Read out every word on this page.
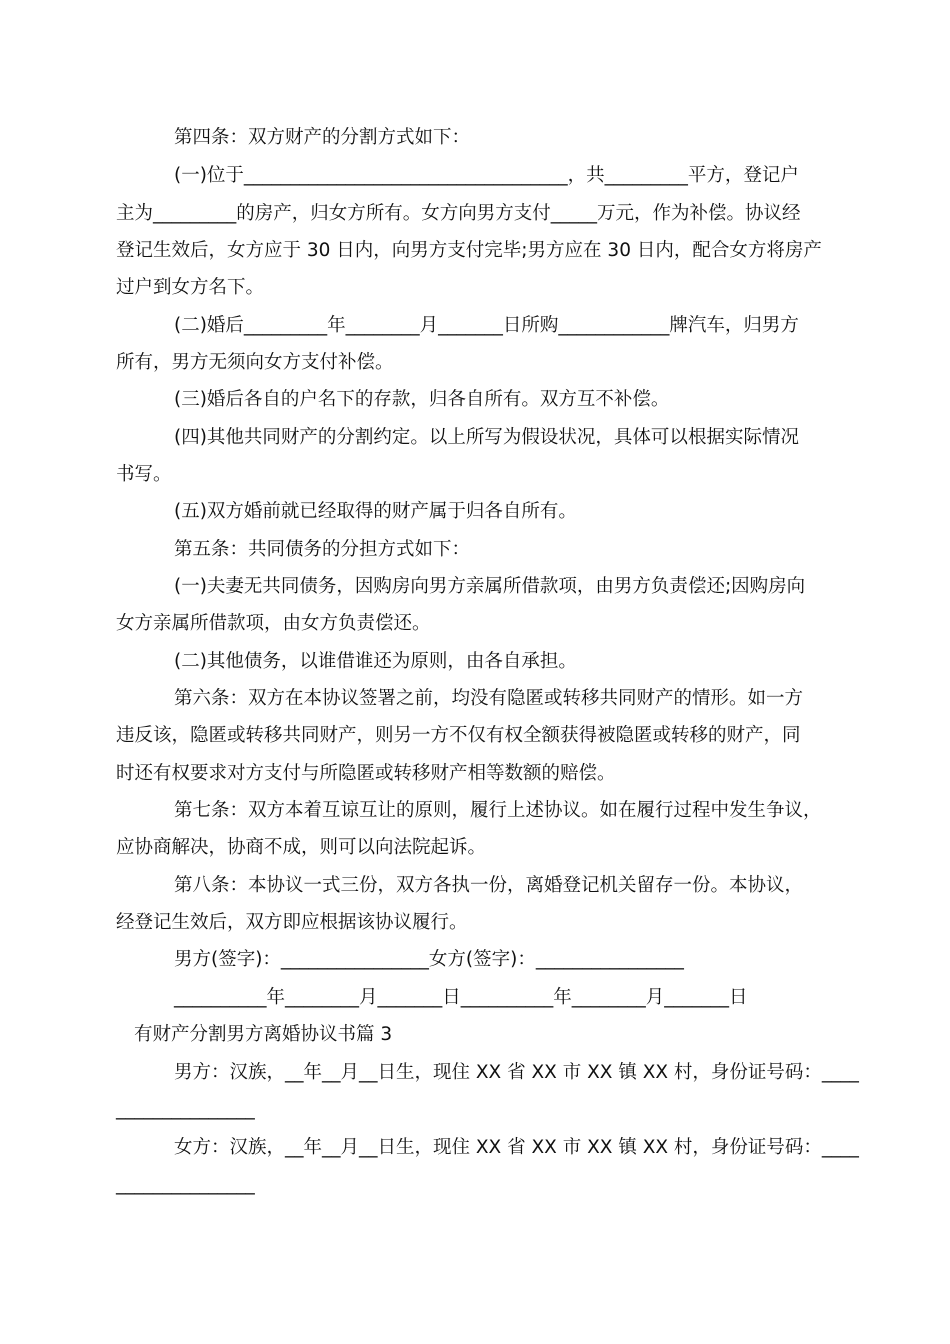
第四条：双方财产的分割方式如下：
(一)位于___________________________________，共_________平方，登记户
主为_________的房产，归女方所有。女方向男方支付_____万元，作为补偿。协议经
登记生效后，女方应于 30 日内，向男方支付完毕;男方应在 30 日内，配合女方将房产
过户到女方名下。
(二)婚后_________年________月_______日所购____________牌汽车，归男方
所有，男方无须向女方支付补偿。
(三)婚后各自的户名下的存款，归各自所有。双方互不补偿。
(四)其他共同财产的分割约定。以上所写为假设状况，具体可以根据实际情况
书写。
(五)双方婚前就已经取得的财产属于归各自所有。
第五条：共同债务的分担方式如下：
(一)夫妻无共同债务，因购房向男方亲属所借款项，由男方负责偿还;因购房向
女方亲属所借款项，由女方负责偿还。
(二)其他债务，以谁借谁还为原则，由各自承担。
第六条：双方在本协议签署之前，均没有隐匿或转移共同财产的情形。如一方
违反该，隐匿或转移共同财产，则另一方不仅有权全额获得被隐匿或转移的财产，同
时还有权要求对方支付与所隐匿或转移财产相等数额的赔偿。
第七条：双方本着互谅互让的原则，履行上述协议。如在履行过程中发生争议，
应协商解决，协商不成，则可以向法院起诉。
第八条：本协议一式三份，双方各执一份，离婚登记机关留存一份。本协议，
经登记生效后，双方即应根据该协议履行。
男方(签字)：________________女方(签字)：________________
__________年________月_______日__________年________月_______日
有财产分割男方离婚协议书篇 3
男方：汉族，__年__月__日生，现住 XX 省 XX 市 XX 镇 XX 村，身份证号码：____
_______________
女方：汉族，__年__月__日生，现住 XX 省 XX 市 XX 镇 XX 村，身份证号码：____
_______________
